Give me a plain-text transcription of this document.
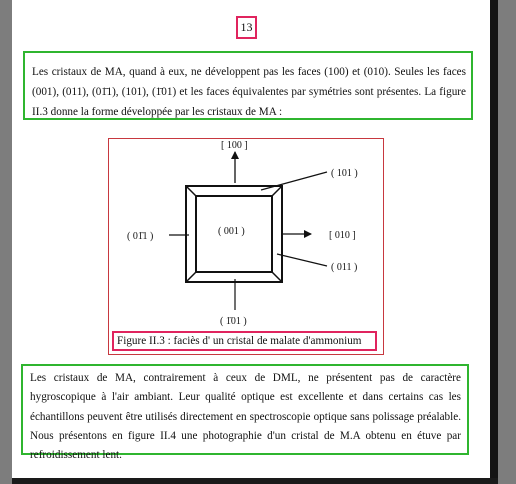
13
Les cristaux de MA, quand à eux, ne développent pas les faces (100) et (010). Seules les faces (001), (011), (01̄1), (101), (1̄01) et les faces équivalentes par symétries sont présentes. La figure II.3 donne la forme développée par les cristaux de MA :
[ 100 ]
( 101 )
( 01̄1 )	( 001 )	[ 010 ]
( 011 )
( 1̄01 )
Figure II.3 : faciès d' un cristal de malate d'ammonium
Les cristaux de MA, contrairement à ceux de DML, ne présentent pas de caractère hygroscopique à l'air ambiant. Leur qualité optique est excellente et dans certains cas les échantillons peuvent être utilisés directement en spectroscopie optique sans polissage préalable. Nous présentons en figure II.4 une photographie d'un cristal de M.A obtenu en étuve par refroidissement lent.
